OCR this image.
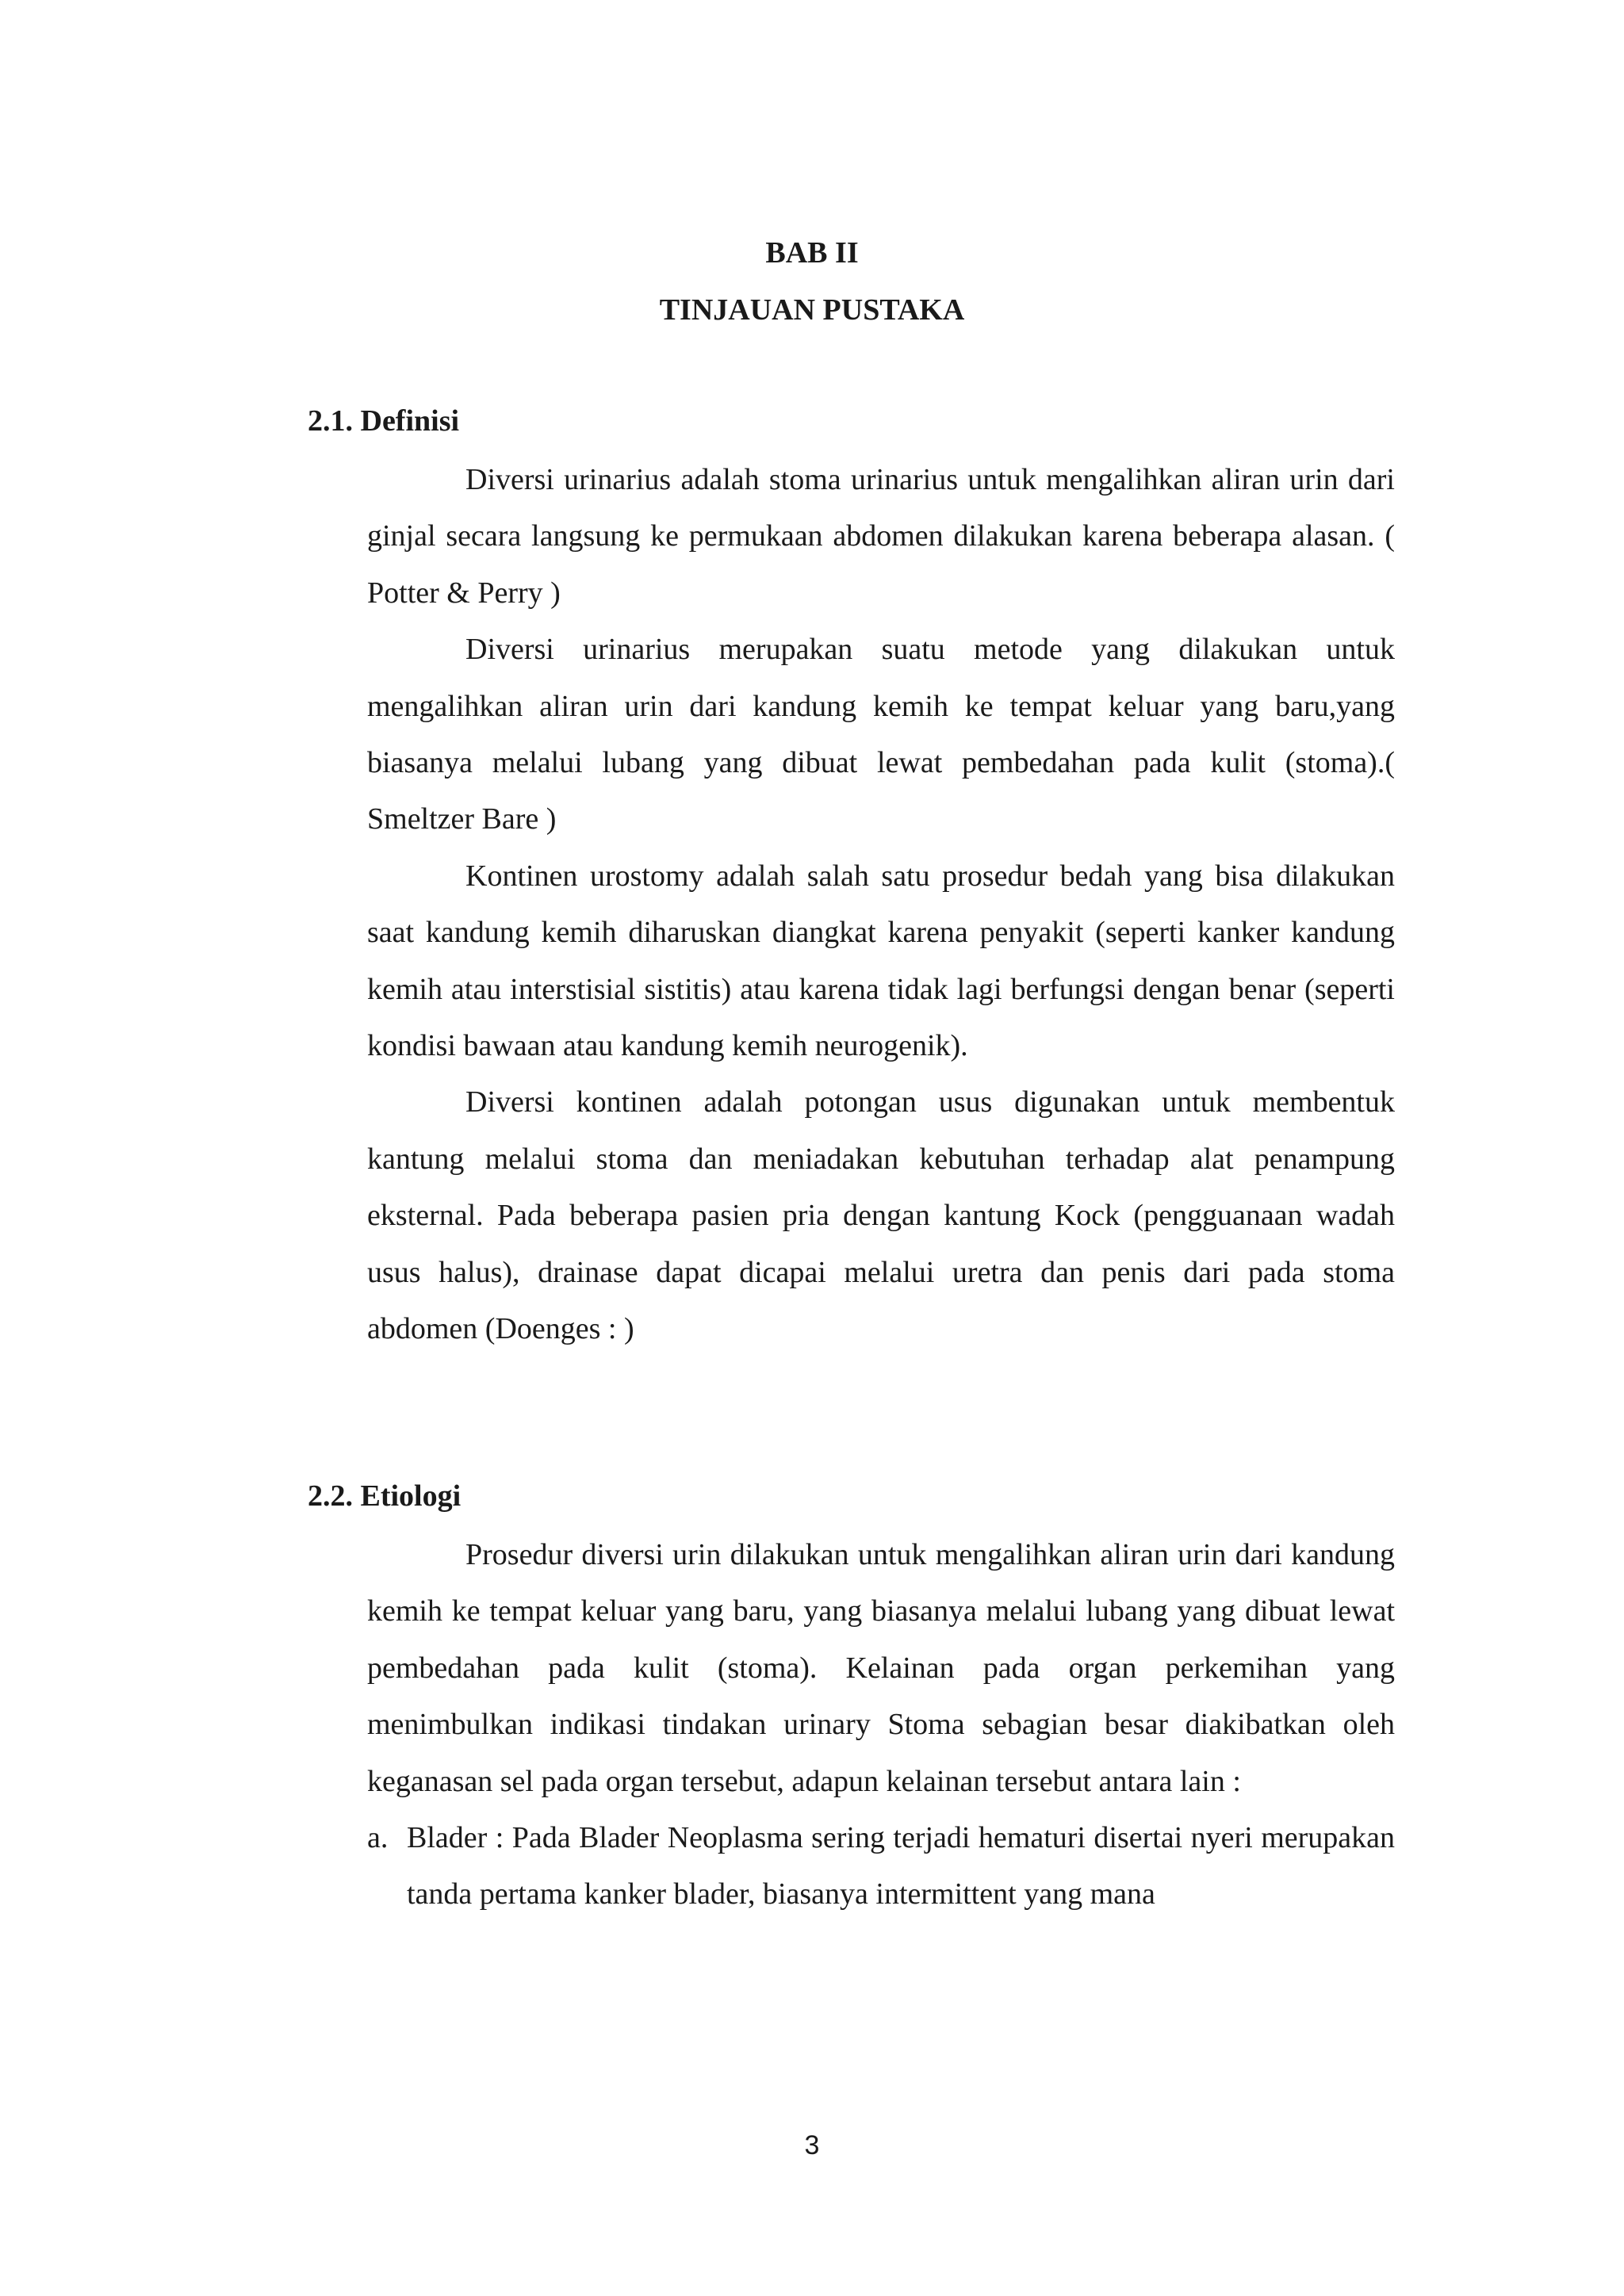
BAB II
TINJAUAN PUSTAKA
2.1. Definisi

Diversi urinarius adalah stoma urinarius untuk mengalihkan aliran urin dari ginjal secara langsung ke permukaan abdomen dilakukan karena beberapa alasan. ( Potter & Perry )

Diversi urinarius merupakan suatu metode yang dilakukan untuk mengalihkan aliran urin dari kandung kemih ke tempat keluar yang baru,yang biasanya melalui lubang yang dibuat lewat pembedahan pada kulit (stoma).( Smeltzer Bare )

Kontinen urostomy adalah salah satu prosedur bedah yang bisa dilakukan saat kandung kemih diharuskan diangkat karena penyakit (seperti kanker kandung kemih atau interstisial sistitis) atau karena tidak lagi berfungsi dengan benar (seperti kondisi bawaan atau kandung kemih neurogenik).

Diversi kontinen adalah potongan usus digunakan untuk membentuk kantung melalui stoma dan meniadakan kebutuhan terhadap alat penampung eksternal. Pada beberapa pasien pria dengan kantung Kock (pengguanaan wadah usus halus), drainase dapat dicapai melalui uretra dan penis dari pada stoma abdomen (Doenges : )

2.2. Etiologi

Prosedur diversi urin dilakukan untuk mengalihkan aliran urin dari kandung kemih ke tempat keluar yang baru, yang biasanya melalui lubang yang dibuat lewat pembedahan pada kulit (stoma). Kelainan pada organ perkemihan yang menimbulkan indikasi tindakan urinary Stoma sebagian besar diakibatkan oleh keganasan sel pada organ tersebut, adapun kelainan tersebut antara lain :

a. Blader : Pada Blader Neoplasma sering terjadi hematuri disertai nyeri merupakan tanda pertama kanker blader, biasanya intermittent yang mana

3
